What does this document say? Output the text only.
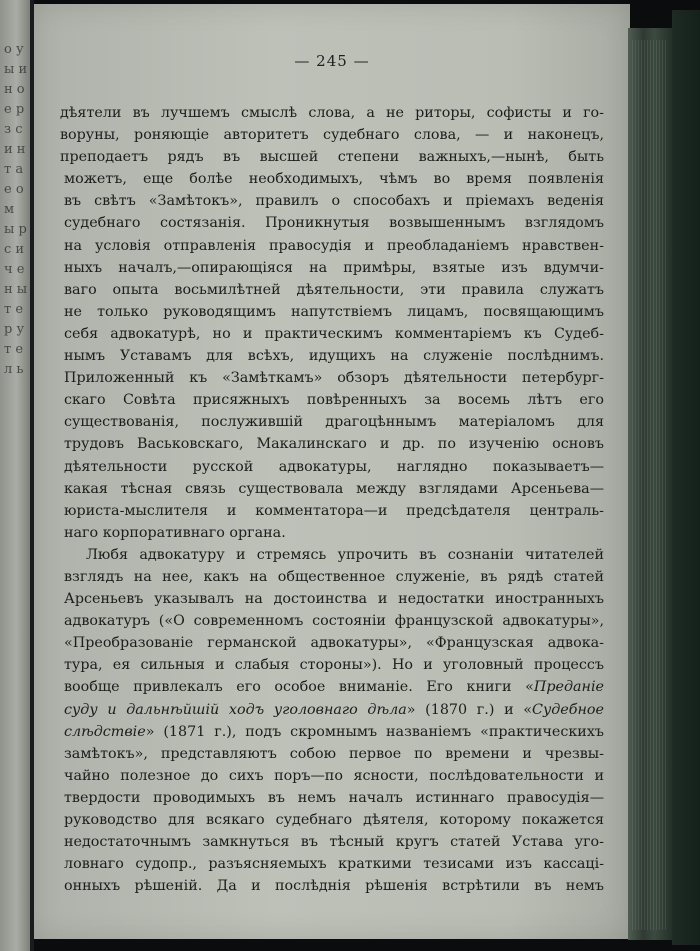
о у ы и н о е р з с и н т а е о м ы р с и ч е н ы т е р у т е л ь
— 245 —
дѣятели въ лучшемъ смыслѣ слова, а не риторы, софисты и го-
воруны, роняющіе авторитетъ судебнаго слова, — и наконецъ,
преподаетъ рядъ въ высшей степени важныхъ,—нынѣ, быть
можетъ, еще болѣе необходимыхъ, чѣмъ во время появленія
въ свѣтъ «Замѣтокъ», правилъ о способахъ и пріемахъ веденія
судебнаго состязанія. Проникнутыя возвышеннымъ взглядомъ
на условія отправленія правосудія и преобладаніемъ нравствен-
ныхъ началъ,—опирающіяся на примѣры, взятые изъ вдумчи-
ваго опыта восьмилѣтней дѣятельности, эти правила служатъ
не только руководящимъ напутствіемъ лицамъ, посвящающимъ
себя адвокатурѣ, но и практическимъ комментаріемъ къ Судеб-
нымъ Уставамъ для всѣхъ, идущихъ на служеніе послѣднимъ.
Приложенный къ «Замѣткамъ» обзоръ дѣятельности петербург-
скаго Совѣта присяжныхъ повѣренныхъ за восемь лѣтъ его
существованія, послужившій драгоцѣннымъ матеріаломъ для
трудовъ Васьковскаго, Макалинскаго и др. по изученію основъ
дѣятельности русской адвокатуры, наглядно показываетъ—
какая тѣсная связь существовала между взглядами Арсеньева—
юриста-мыслителя и комментатора—и предсѣдателя централь-
наго корпоративнаго органа.
Любя адвокатуру и стремясь упрочить въ сознаніи читателей
взглядъ на нее, какъ на общественное служеніе, въ рядѣ статей
Арсеньевъ указывалъ на достоинства и недостатки иностранныхъ
адвокатуръ («О современномъ состояніи французской адвокатуры»,
«Преобразованіе германской адвокатуры», «Французская адвока-
тура, ея сильныя и слабыя стороны»). Но и уголовный процессъ
вообще привлекалъ его особое вниманіе. Его книги «Преданіе
суду и дальнѣйшій ходъ уголовнаго дѣла» (1870 г.) и «Судебное
слѣдствіе» (1871 г.), подъ скромнымъ названіемъ «практическихъ
замѣтокъ», представляютъ собою первое по времени и чрезвы-
чайно полезное до сихъ поръ—по ясности, послѣдовательности и
твердости проводимыхъ въ немъ началъ истиннаго правосудія—
руководство для всякаго судебнаго дѣятеля, которому покажется
недостаточнымъ замкнуться въ тѣсный кругъ статей Устава уго-
ловнаго судопр., разъясняемыхъ краткими тезисами изъ кассаці-
онныхъ рѣшеній. Да и послѣднія рѣшенія встрѣтили въ немъ
